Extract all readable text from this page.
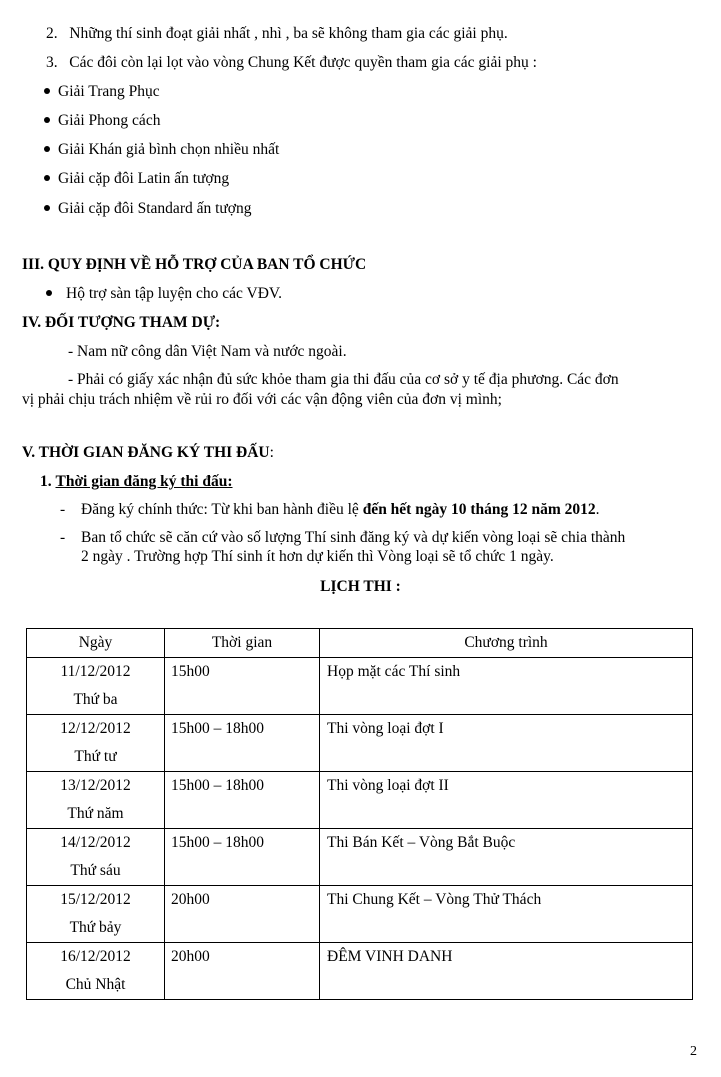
2. Những thí sinh đoạt giải nhất , nhì , ba sẽ không tham gia các giải phụ.
3. Các đôi còn lại lọt vào vòng Chung Kết được quyền tham gia các giải phụ :
Giải Trang Phục
Giải Phong cách
Giải Khán giả bình chọn nhiều nhất
Giải cặp đôi Latin ấn tượng
Giải cặp đôi Standard ấn tượng
III. QUY ĐỊNH VỀ HỖ TRỢ CỦA BAN TỔ CHỨC
Hộ trợ sàn tập luyện cho các VĐV.
IV. ĐỐI TƯỢNG THAM DỰ:
- Nam nữ công dân Việt Nam và nước ngoài.
- Phải có giấy xác nhận đủ sức khỏe tham gia thi đấu của cơ sở y tế địa phương. Các đơn
vị phải chịu trách nhiệm về rủi ro đối với các vận động viên của đơn vị mình;
V. THỜI GIAN ĐĂNG KÝ THI ĐẤU:
1. Thời gian đăng ký thi đấu:
- Đăng ký chính thức: Từ khi ban hành điều lệ đến hết ngày 10 tháng 12 năm 2012.
- Ban tổ chức sẽ căn cứ vào số lượng Thí sinh đăng ký và dự kiến vòng loại sẽ chia thành
2 ngày . Trường hợp Thí sinh ít hơn dự kiến thì Vòng loại sẽ tổ chức 1 ngày.
LỊCH THI :
Ngày	Thời gian	Chương trình

11/12/2012
Thứ ba	15h00	Họp mặt các Thí sinh

12/12/2012
Thứ tư	15h00 – 18h00	Thi vòng loại đợt I

13/12/2012
Thứ năm	15h00 – 18h00	Thi vòng loại đợt II

14/12/2012
Thứ sáu	15h00 – 18h00	Thi Bán Kết – Vòng Bắt Buộc

15/12/2012
Thứ bảy	20h00	Thi Chung Kết – Vòng Thử Thách

16/12/2012
Chủ Nhật	20h00	ĐÊM VINH DANH
2
